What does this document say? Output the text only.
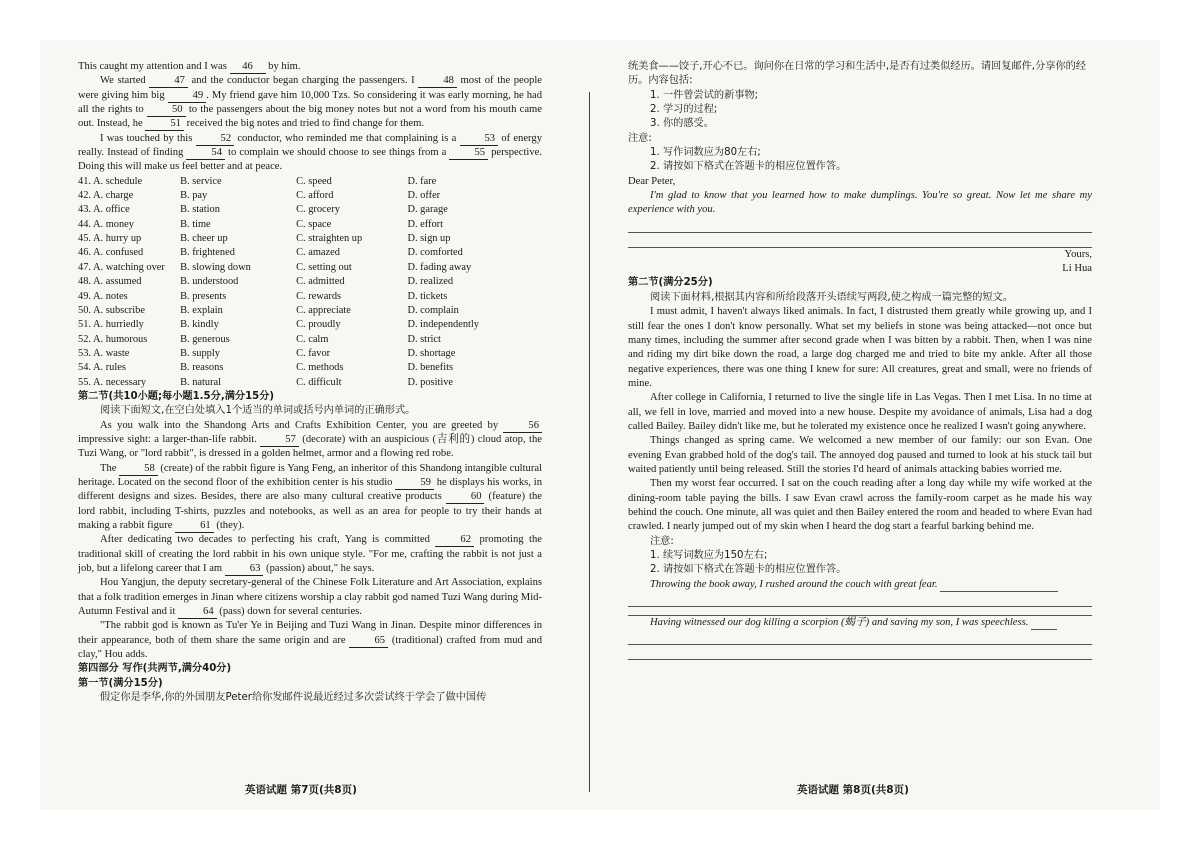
This caught my attention and I was 46 by him.

We started 47 and the conductor began charging the passengers. I 48 most of the people were giving him big 49 . My friend gave him 10,000 Tzs. So considering it was early morning, he had all the rights to 50 to the passengers about the big money notes but not a word from his mouth came out. Instead, he 51 received the big notes and tried to find change for them.

I was touched by this 52 conductor, who reminded me that complaining is a 53 of energy really. Instead of finding 54 to complain we should choose to see things from a 55 perspective. Doing this will make us feel better and at peace.

41. A. schedule	B. service	C. speed	D. fare
42. A. charge	B. pay	C. afford	D. offer
43. A. office	B. station	C. grocery	D. garage
44. A. money	B. time	C. space	D. effort
45. A. hurry up	B. cheer up	C. straighten up	D. sign up
46. A. confused	B. frightened	C. amazed	D. comforted
47. A. watching over	B. slowing down	C. setting out	D. fading away
48. A. assumed	B. understood	C. admitted	D. realized
49. A. notes	B. presents	C. rewards	D. tickets
50. A. subscribe	B. explain	C. appreciate	D. complain
51. A. hurriedly	B. kindly	C. proudly	D. independently
52. A. humorous	B. generous	C. calm	D. strict
53. A. waste	B. supply	C. favor	D. shortage
54. A. rules	B. reasons	C. methods	D. benefits
55. A. necessary	B. natural	C. difficult	D. positive

第二节(共10小题;每小题1.5分,满分15分)

阅读下面短文,在空白处填入1个适当的单词或括号内单词的正确形式。

As you walk into the Shandong Arts and Crafts Exhibition Center, you are greeted by 56 impressive sight: a larger-than-life rabbit. 57 (decorate) with an auspicious (吉利的) cloud atop, the Tuzi Wang, or "lord rabbit", is dressed in a golden helmet, armor and a flowing red robe.

The 58 (create) of the rabbit figure is Yang Feng, an inheritor of this Shandong intangible cultural heritage. Located on the second floor of the exhibition center is his studio 59 he displays his works, in different designs and sizes. Besides, there are also many cultural creative products 60 (feature) the lord rabbit, including T-shirts, puzzles and notebooks, as well as an area for people to try their hands at making a rabbit figure 61 (they).

After dedicating two decades to perfecting his craft, Yang is committed 62 promoting the traditional skill of creating the lord rabbit in his own unique style. "For me, crafting the rabbit is not just a job, but a lifelong career that I am 63 (passion) about," he says.

Hou Yangjun, the deputy secretary-general of the Chinese Folk Literature and Art Association, explains that a folk tradition emerges in Jinan where citizens worship a clay rabbit god named Tuzi Wang during Mid-Autumn Festival and it 64 (pass) down for several centuries.

"The rabbit god is known as Tu'er Ye in Beijing and Tuzi Wang in Jinan. Despite minor differences in their appearance, both of them share the same origin and are 65 (traditional) crafted from mud and clay," Hou adds.

第四部分 写作(共两节,满分40分)

第一节(满分15分)

假定你是李华,你的外国朋友Peter给你发邮件说最近经过多次尝试终于学会了做中国传

统美食——饺子,开心不已。询问你在日常的学习和生活中,是否有过类似经历。请回复邮件,分享你的经历。内容包括:

1. 一件曾尝试的新事物;

2. 学习的过程;

3. 你的感受。

注意:

1. 写作词数应为80左右;

2. 请按如下格式在答题卡的相应位置作答。

Dear Peter,

I'm glad to know that you learned how to make dumplings. You're so great. Now let me share my experience with you.

Yours,

Li Hua

第二节(满分25分)

阅读下面材料,根据其内容和所给段落开头语续写两段,使之构成一篇完整的短文。

I must admit, I haven't always liked animals. In fact, I distrusted them greatly while growing up, and I still fear the ones I don't know personally. What set my beliefs in stone was being attacked—not once but many times, including the summer after second grade when I was bitten by a rabbit. Then, when I was nine and riding my dirt bike down the road, a large dog charged me and tried to bite my ankle. After all those negative experiences, there was one thing I knew for sure: All creatures, great and small, were no friends of mine.

After college in California, I returned to live the single life in Las Vegas. Then I met Lisa. In no time at all, we fell in love, married and moved into a new house. Despite my avoidance of animals, Lisa had a dog called Bailey. Bailey didn't like me, but he tolerated my existence once he realized I wasn't going anywhere.

Things changed as spring came. We welcomed a new member of our family: our son Evan. One evening Evan grabbed hold of the dog's tail. The annoyed dog paused and turned to look at his stuck tail but waited patiently until being released. Still the stories I'd heard of animals attacking babies worried me.

Then my worst fear occurred. I sat on the couch reading after a long day while my wife worked at the dining-room table paying the bills. I saw Evan crawl across the family-room carpet as he made his way behind the couch. One minute, all was quiet and then Bailey entered the room and headed to where Evan had crawled. I nearly jumped out of my skin when I heard the dog start a fearful barking behind me.

注意:

1. 续写词数应为150左右;

2. 请按如下格式在答题卡的相应位置作答。

Throwing the book away, I rushed around the couch with great fear.

Having witnessed our dog killing a scorpion (蝎子) and saving my son, I was speechless.

英语试题 第7页(共8页)	英语试题 第8页(共8页)
